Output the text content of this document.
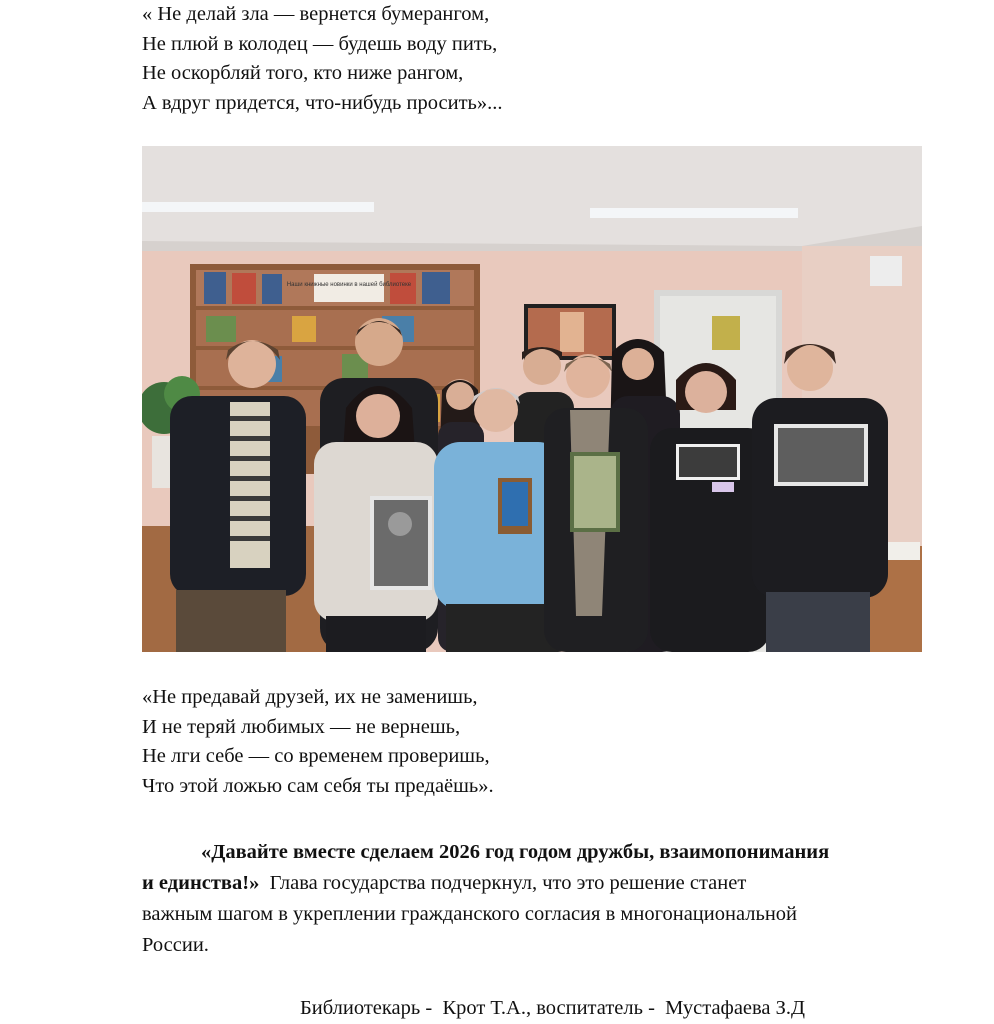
« Не делай зла — вернется бумерангом,
Не плюй в колодец — будешь воду пить,
Не оскорбляй того, кто ниже рангом,
А вдруг придется, что-нибудь просить»...
Наши книжные новинки в нашей библиотеке
«Не предавай друзей, их не заменишь,
И не теряй любимых — не вернешь,
Не лги себе — со временем проверишь,
Что этой ложью сам себя ты предаёшь».
«Давайте вместе сделаем 2026 год годом дружбы, взаимопонимания
и единства!»  Глава государства подчеркнул, что это решение станет
важным шагом в укреплении гражданского согласия в многонациональной
России.
Библиотекарь -  Крот Т.А., воспитатель -  Мустафаева З.Д
